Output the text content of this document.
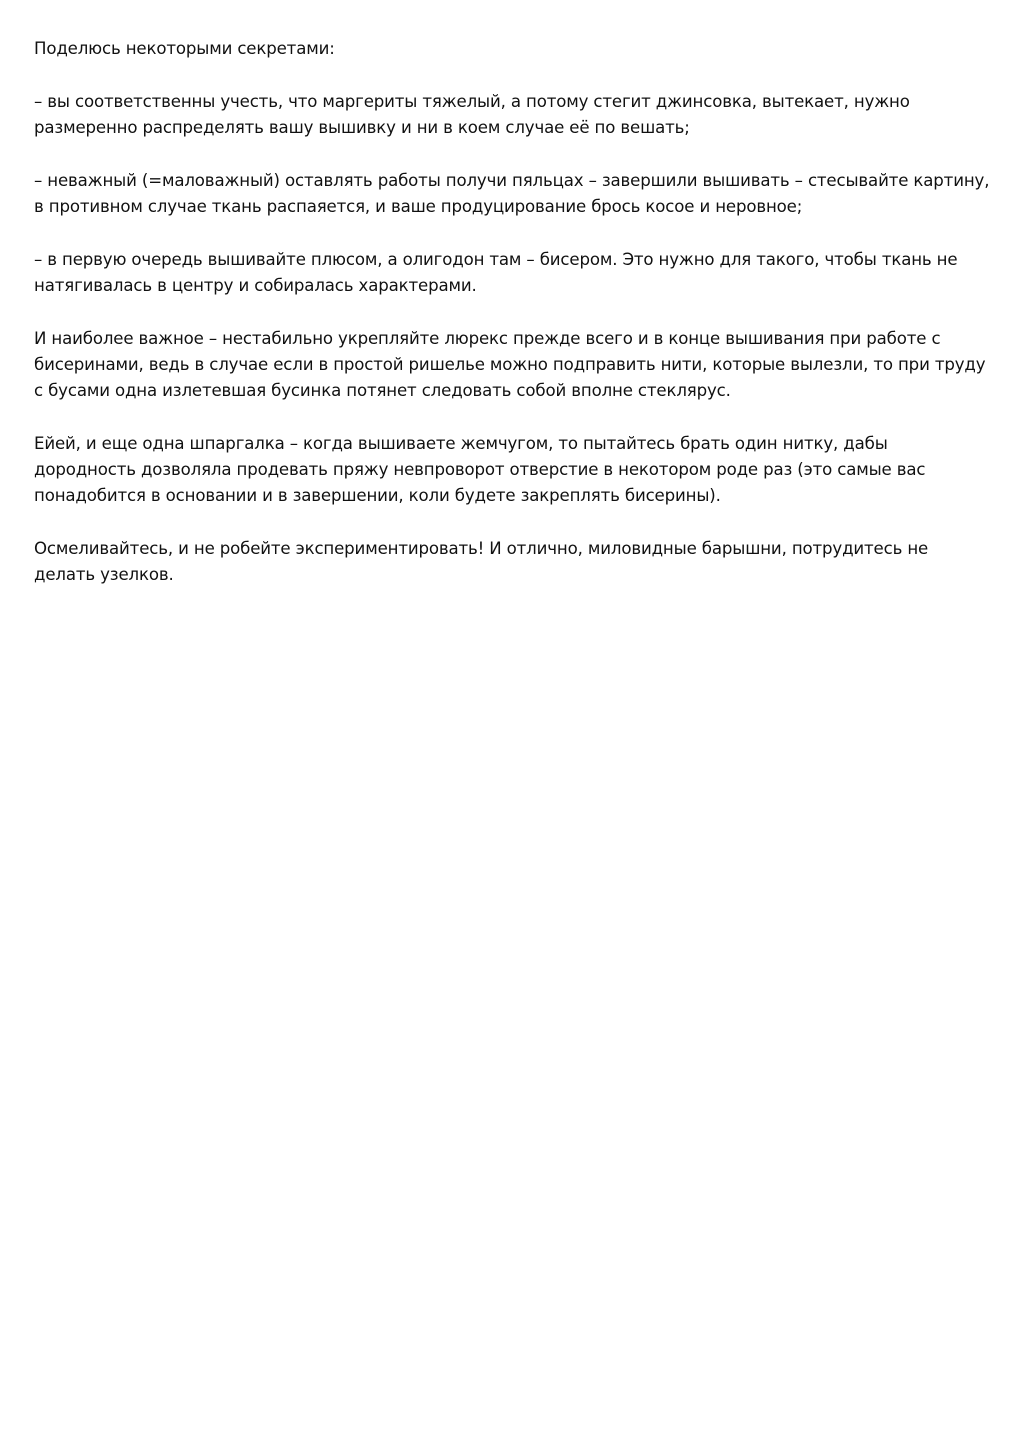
Поделюсь некоторыми секретами:

– вы соответственны учесть, что маргериты тяжелый, а потому стегит джинсовка, вытекает, нужно размеренно распределять вашу вышивку и ни в коем случае её по вешать;

– неважный (=маловажный) оставлять работы получи пяльцах – завершили вышивать – стесывайте картину, в противном случае ткань распаяется, и ваше продуцирование брось косое и неровное;

– в первую очередь вышивайте плюсом, а олигодон там – бисером. Это нужно для такого, чтобы ткань не натягивалась в центру и собиралась характерами.

И наиболее важное – нестабильно укрепляйте люрекс прежде всего и в конце вышивания при работе с бисеринами, ведь в случае если в простой ришелье можно подправить нити, которые вылезли, то при труду с бусами одна излетевшая бусинка потянет следовать собой вполне стеклярус.

Ейей, и еще одна шпаргалка – когда вышиваете жемчугом, то пытайтесь брать один нитку, дабы дородность дозволяла продевать пряжу невпроворот отверстие в некотором роде раз (это самые вас понадобится в основании и в завершении, коли будете закреплять бисерины).

Осмеливайтесь, и не робейте экспериментировать! И отлично, миловидные барышни, потрудитесь не делать узелков.
